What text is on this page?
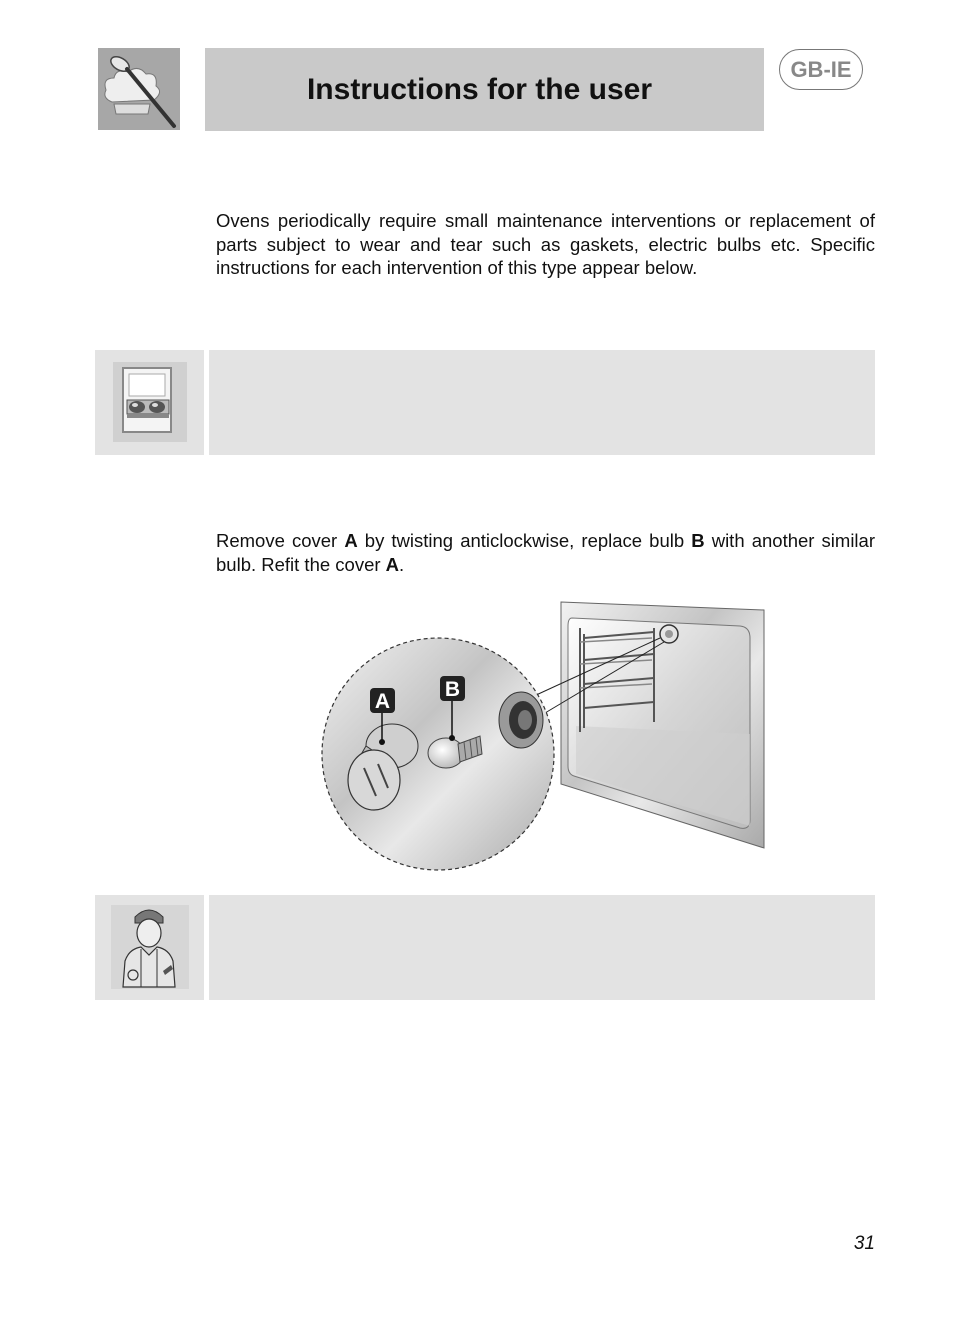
Instructions for the user
GB-IE
Ovens periodically require small maintenance interventions or replacement of parts subject to wear and tear such as gaskets, electric bulbs etc. Specific instructions for each intervention of this type appear below.
Remove cover A by twisting anticlockwise, replace bulb B with another similar bulb. Refit the cover A.
A
B
31
